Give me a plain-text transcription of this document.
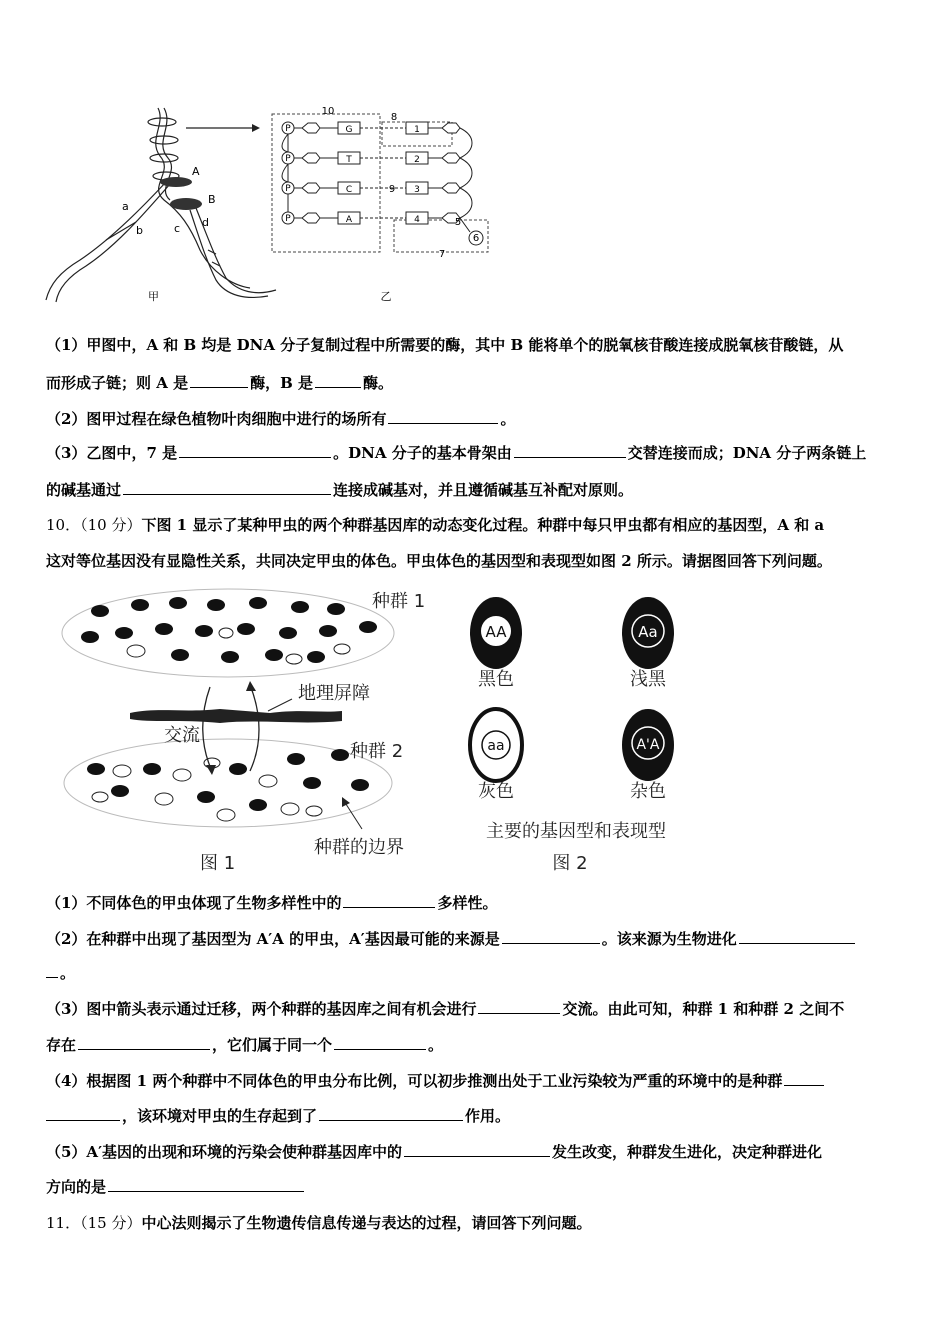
A
B
a
b	c d
甲
P
P
P
P
G
T
C
A
1
2
3
4
10
8
9
5
6
7
乙
（1）甲图中，A 和 B 均是 DNA 分子复制过程中所需要的酶，其中 B 能将单个的脱氧核苷酸连接成脱氧核苷酸链，从
而形成子链；则 A 是	酶，B 是	酶。
（2）图甲过程在绿色植物叶肉细胞中进行的场所有	。
（3）乙图中，7 是	。DNA 分子的基本骨架由	交替连接而成；DNA 分子两条链上
的碱基通过	连接成碱基对，并且遵循碱基互补配对原则。
10．（10 分）下图 1 显示了某种甲虫的两个种群基因库的动态变化过程。种群中每只甲虫都有相应的基因型，A 和 a
这对等位基因没有显隐性关系，共同决定甲虫的体色。甲虫体色的基因型和表现型如图 2 所示。请据图回答下列问题。
种群 1
种群 2
地理屏障
交流
种群的边界
图 1
AA	Aa
aa	A'A
黑色	浅黑
灰色	杂色
主要的基因型和表现型
图 2
（1）不同体色的甲虫体现了生物多样性中的	多样性。
（2）在种群中出现了基因型为 A′A 的甲虫，A′基因最可能的来源是	。该来源为生物进化
。
（3）图中箭头表示通过迁移，两个种群的基因库之间有机会进行	交流。由此可知，种群 1 和种群 2 之间不
存在	，它们属于同一个	。
（4）根据图 1 两个种群中不同体色的甲虫分布比例，可以初步推测出处于工业污染较为严重的环境中的是种群
，该环境对甲虫的生存起到了	作用。
（5）A′基因的出现和环境的污染会使种群基因库中的	发生改变，种群发生进化，决定种群进化
方向的是
11．（15 分）中心法则揭示了生物遗传信息传递与表达的过程，请回答下列问题。
